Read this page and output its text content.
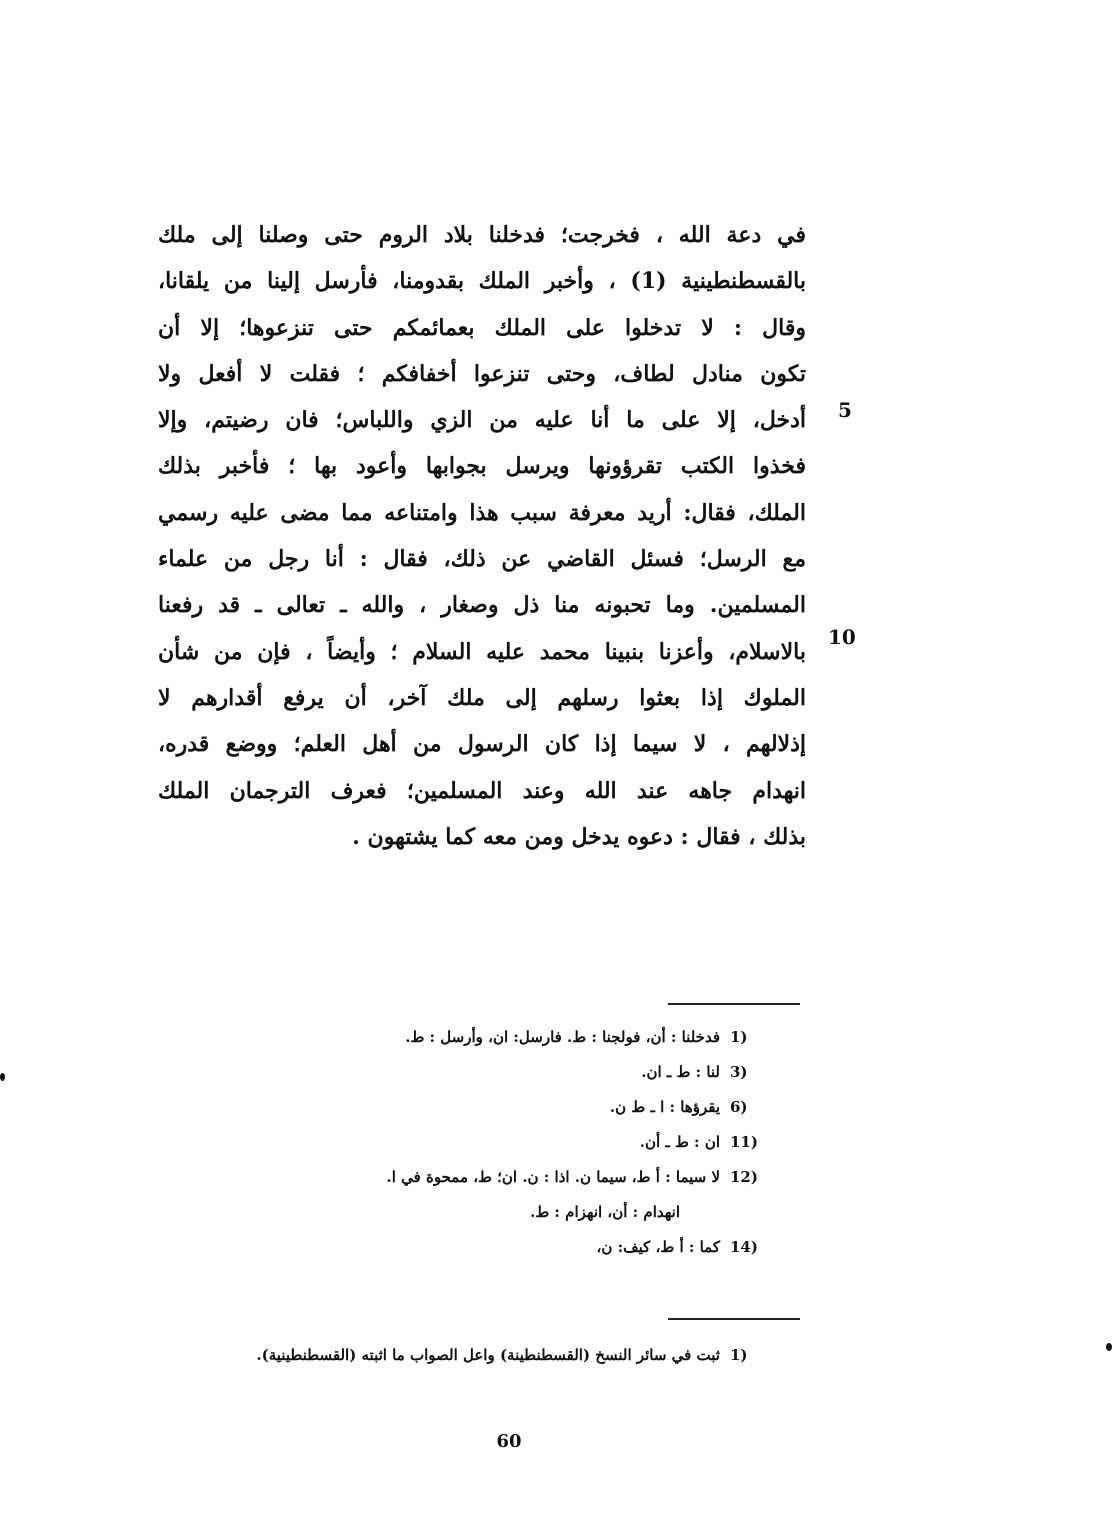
في دعة الله ، فخرجت؛ فدخلنا بلاد الروم حتى وصلنا إلى ملك
بالقسطنطينية (1) ، وأخبر الملك بقدومنا، فأرسل إلينا من يلقانا،
وقال : لا تدخلوا على الملك بعمائمكم حتى تنزعوها؛ إلا أن
تكون منادل لطاف، وحتى تنزعوا أخفافكم ؛ فقلت لا أفعل ولا
أدخل، إلا على ما أنا عليه من الزي واللباس؛ فان رضيتم، وإلا
فخذوا الكتب تقرؤونها ويرسل بجوابها وأعود بها ؛ فأخبر بذلك
الملك، فقال: أريد معرفة سبب هذا وامتناعه مما مضى عليه رسمي
مع الرسل؛ فسئل القاضي عن ذلك، فقال : أنا رجل من علماء
المسلمين. وما تحبونه منا ذل وصغار ، والله ـ تعالى ـ قد رفعنا
بالاسلام، وأعزنا بنبينا محمد عليه السلام ؛ وأيضاً ، فإن من شأن
الملوك إذا بعثوا رسلهم إلى ملك آخر، أن يرفع أقدارهم لا
إذلالهم ، لا سيما إذا كان الرسول من أهل العلم؛ ووضع قدره،
انهدام جاهه عند الله وعند المسلمين؛ فعرف الترجمان الملك
بذلك ، فقال : دعوه يدخل ومن معه كما يشتهون .
5
10
1)
فدخلنا : أن، فولجنا : ط. فارسل: ان، وأرسل : ط.
3)
لنا : ط ـ ان.
6)
يقرؤها : ا ـ ط ن.
11)
ان : ط ـ أن.
12)
لا سيما : أ ط، سيما ن. اذا : ن. ان؛ ط، ممحوة في ا.
انهدام : أن، انهزام : ط.
14)
كما : أ ط، كيف: ن،
1)
ثبت في سائر النسخ (القسطنطينة) واعل الصواب ما اثبته (القسطنطينية).
60
